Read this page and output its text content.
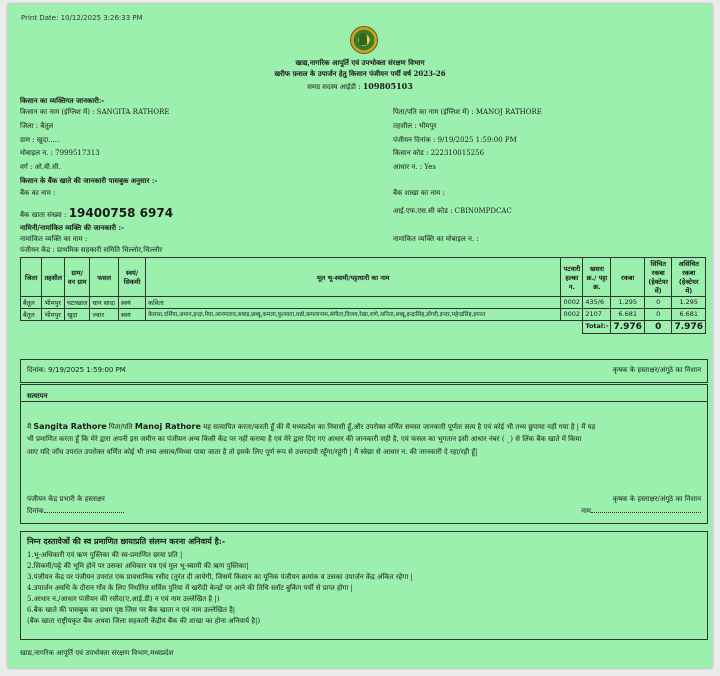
Print Date: 10/12/2025 3:26:33 PM
खाद्य,नागरिक आपूर्ति एवं उपभोक्ता संरक्षण विभाग
खरीफ फ़सल के उपार्जन हेतु किसान पंजीयन पर्ची वर्ष 2023-26
समग्र सदस्य आईडी : 109805103
किसान का व्यक्तिगत जानकारी:-
किसान का नाम (इंग्लिश में) : SANGITA RATHORE	पिता/पति का नाम (इंग्लिश में) : MANOJ RATHORE
जिला : बैतूल	तहसील : भीमपुर
ग्राम : खुदा.....	पंजीयन दिनांक : 9/19/2025 1:59:00 PM
मोबाइल न. : 7999517313	किसान कोड : 222310015256
वर्ग : ओ.बी.सी.	आधार न. : Yes
किसान के बैंक खाते की जानकारी पासबुक अनुसार :-
बैंक का नाम :	बैंक शाखा का नाम :
बैंक खाता संख्या : 19400758 6974	आई.एफ.एस.सी कोड : CBIN0MPDCAC
नामिनी/नामांकित व्यक्ति की जानकारी :-
नामांकित व्यक्ति का नाम :	नामांकित व्यक्ति का मोबाइल न. :
पंजीयन केंद्र : प्राथमिक सहकारी समिति चिल्लोर,चिल्लौर
जिला	तहसील	ग्राम/ वन ग्राम	फसल	स्वयं/ सिकमी	मूल भू-स्वामी/पट्टाधारी का नाम	पटवारी हल्का न.	खसरा क्र./ पट्टा क्र.	रकबा	सिंचित रकबा (हेक्टेयर में)	असिंचित रकबा (हेक्टेयर में)
बैतूल	भीमपुर	घटाखाल	धान सादा	स्वयं	कविता	0002	435/6	1.295	0	1.295
बैतूल	भीमपुर	खुदा	ज्वार	स्वयं	कैलाश,दर्शिया,अमान,इन्द्रा,मैघा,आनम्दराव,सबाइ,छब्बू,कमला,फुलवता,धन्नो,कमलानाथ,संगीता,विजय,रेखा,राणे,अनिता,शब्बू,इन्द्रासिंह,डोंगरी,इन्दर,महेन्द्रसिंह,इमरत	0002	2107	6.681	0	6.681
							Total:-	7.976	0	7.976
दिनांक: 9/19/2025 1:59:00 PM	कृषक के हस्ताक्षर/अंगूठे का निशान
सत्यापन
मैं Sangita Rathore पिता/पति Manoj Rathore यह सत्यापित करता/करती हूँ की मैं मध्यप्रदेश का निवासी हूँ,और उपरोक्त वर्णित समस्त जानकारी पूर्णतः सत्य है एवं कोई भी तथ्य छुपाया नहीं गया है | मैं यह
भी प्रमाणित करता हूँ कि मेरे द्वारा अपनी इस जमीन का पंजीयन अन्य किसी केंद्र पर नहीं कराया है एवं मेरे द्वारा दिए गए आधार की जानकारी सही है, एवं फसल का भुगतान इसी आधार नंबर ( _) से लिंक बैंक खाते में किया
जाए यदि जाँच उपरांत उपरोक्त वर्णित कोई भी तथ्य असत्य/मिथ्या पाया जाता है तो इसके लिए पूर्ण रूप से उत्तरदायी रहूँगा/रहूंगी | मैं स्वेछा से आधार न. की जानकारी दे रहा/रही हूँ|
पंजीयन केंद्र प्रभारी के हस्ताक्षर
दिनांक
कृषक के हस्ताक्षर/अंगूठे का निशान
नाम
निम्न दस्तावेजों की स्व प्रमाणित छायाप्रति संलग्न करना अनिवार्य है:-
1.भू-अधिकारी एवं ऋण पुस्तिका की स्व-प्रमाणित छाया प्रति |
2.सिकमी/पट्टे की भूमि होने पर उसका अधिकार पत्र एवं मूल भू-स्वामी की ऋण पुस्तिका|
3.पंजीयन केंद्र पर पंजीयन उपरांत एक प्रावधानिक रसीद (तुरंत दी जायेगी, जिसमें किसान का यूनिक पंजीयन क्रमांक व उसका उपार्जन केंद्र अंकित रहेगा |
4.उपार्जन अवधि के दौरान गाँव के लिए निर्धारित सर्विस पुरिया में खरीदी केन्द्रों पर आने की तिथि स्लॉट बुकिंग पर्ची से प्राप्त होगा |
5.आधार न./आधार पंजीयन की रसीद(ए.आई.डी) न एवं नाम उल्लेखित है |)
6.बैंक खाते की पासबुक का प्रथम पृष्ठ जिस पर बैंक खाता न एवं नाम उल्लेखित है|
(बैंक खाता राष्ट्रीयकृत बैंक अथवा जिला सहकारी केंद्रीय बैंक की शाखा का होना अनिवार्य है|)
खाद्य,नागरिक आपूर्ति एवं उपभोक्ता संरक्षण विभाग,मध्यप्रदेश
